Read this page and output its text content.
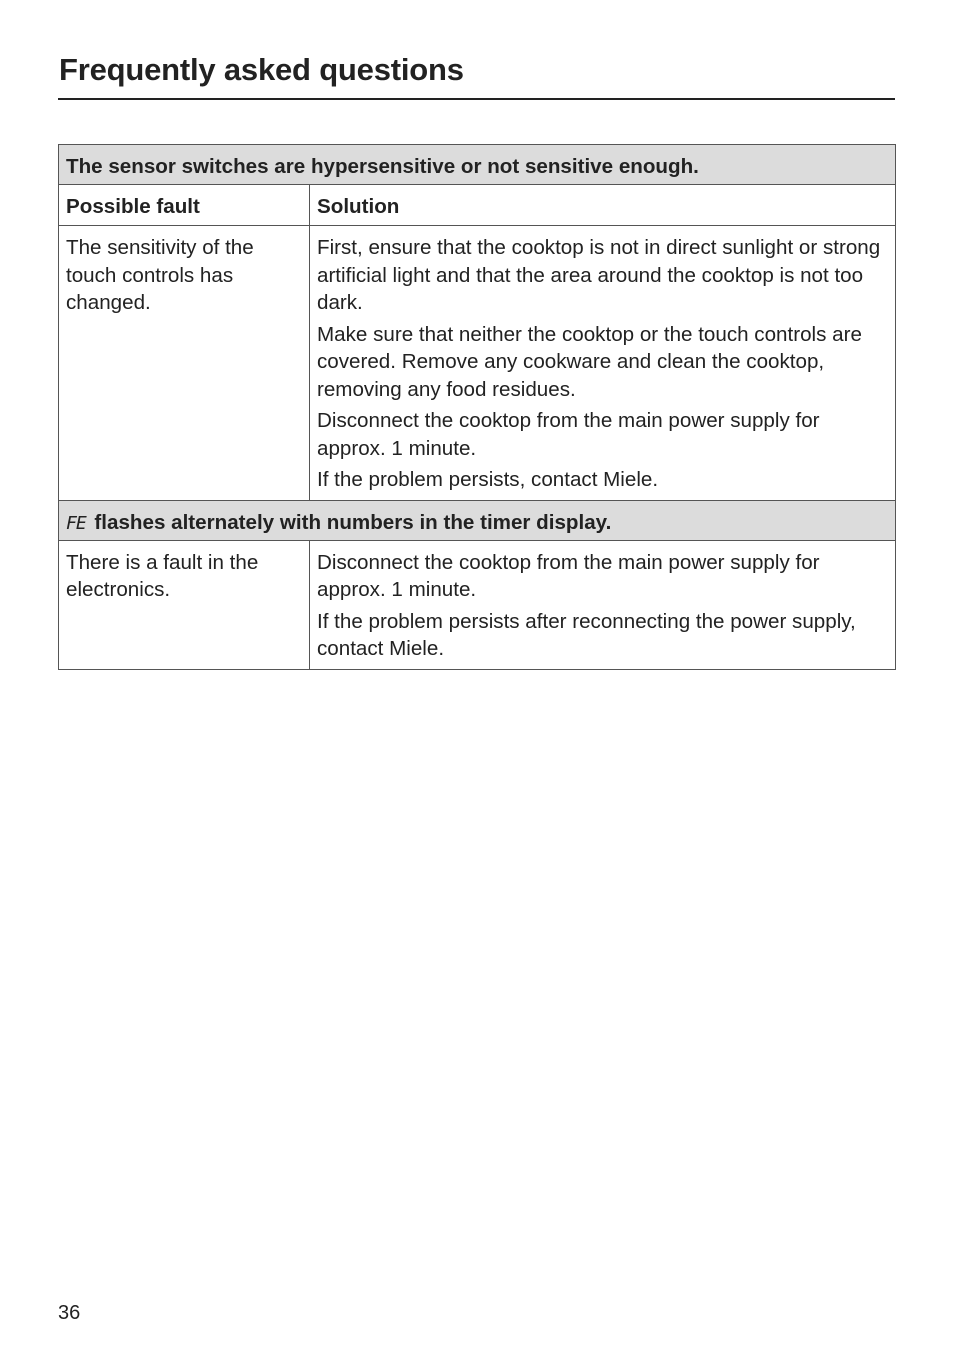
Frequently asked questions
The sensor switches are hypersensitive or not sensitive enough.	
Possible fault	Solution
The sensitivity of the touch controls has changed.	First, ensure that the cooktop is not in direct sunlight or strong artificial light and that the area around the cooktop is not too dark.

Make sure that neither the cooktop or the touch controls are covered. Remove any cookware and clean the cooktop, removing any food residues.

Disconnect the cooktop from the main power supply for approx. 1 minute.

If the problem persists, contact Miele.

FE flashes alternately with numbers in the timer display.	
There is a fault in the electronics.	Disconnect the cooktop from the main power supply for approx. 1 minute.

If the problem persists after reconnecting the power supply, contact Miele.

36
